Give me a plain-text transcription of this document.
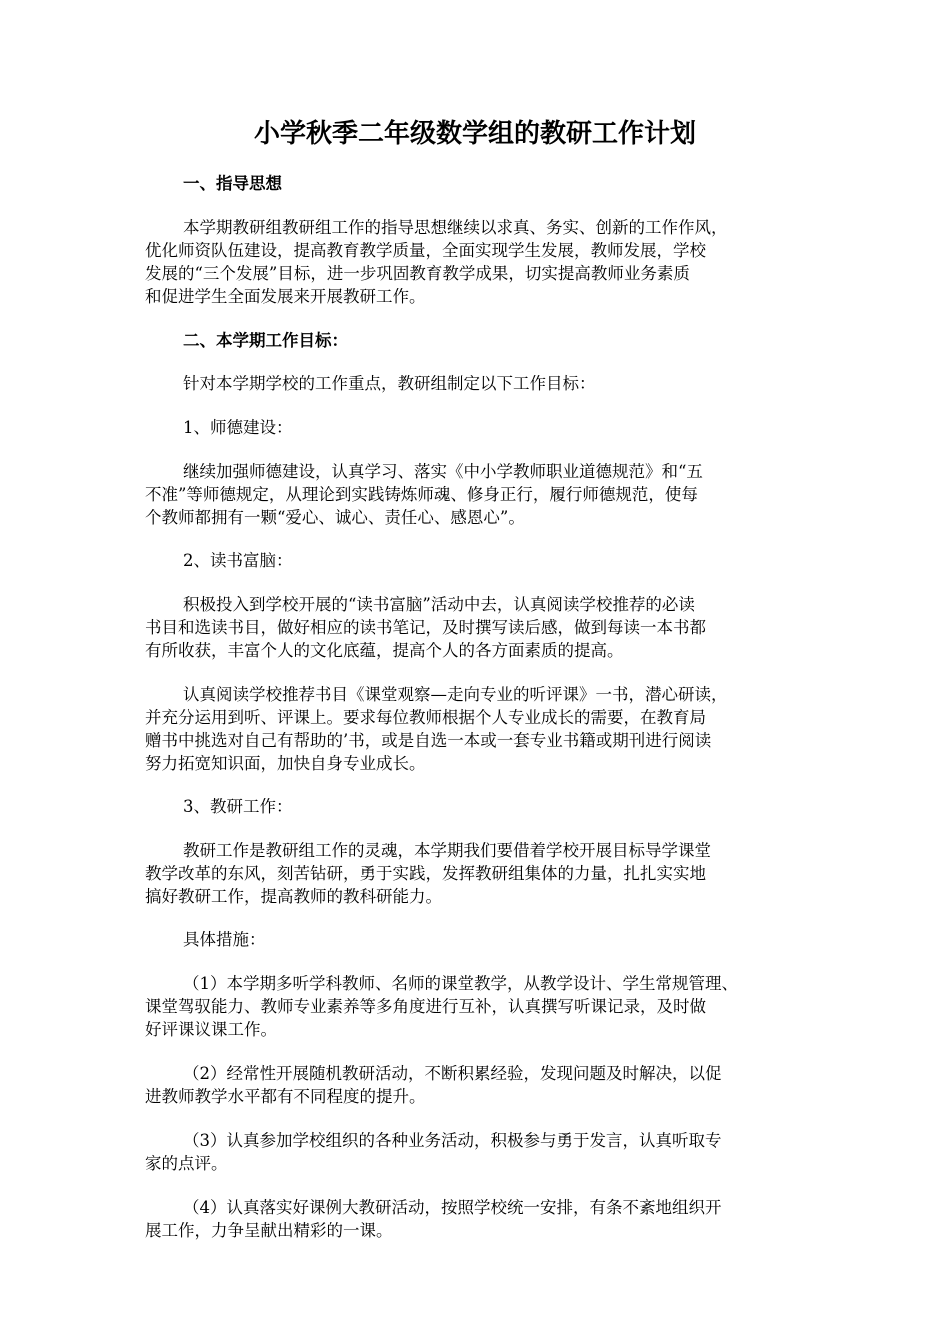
小学秋季二年级数学组的教研工作计划
一、指导思想
本学期教研组教研组工作的指导思想继续以求真、务实、创新的工作作风，
优化师资队伍建设，提高教育教学质量，全面实现学生发展，教师发展，学校
发展的“三个发展”目标，进一步巩固教育教学成果，切实提高教师业务素质
和促进学生全面发展来开展教研工作。
二、本学期工作目标：
针对本学期学校的工作重点，教研组制定以下工作目标：
1、师德建设：
继续加强师德建设，认真学习、落实《中小学教师职业道德规范》和“五
不准”等师德规定，从理论到实践铸炼师魂、修身正行，履行师德规范，使每
个教师都拥有一颗“爱心、诚心、责任心、感恩心”。
2、读书富脑：
积极投入到学校开展的“读书富脑”活动中去，认真阅读学校推荐的必读
书目和选读书目，做好相应的读书笔记，及时撰写读后感，做到每读一本书都
有所收获，丰富个人的文化底蕴，提高个人的各方面素质的提高。
认真阅读学校推荐书目《课堂观察—走向专业的听评课》一书，潜心研读，
并充分运用到听、评课上。要求每位教师根据个人专业成长的需要，在教育局
赠书中挑选对自己有帮助的’书，或是自选一本或一套专业书籍或期刊进行阅读
努力拓宽知识面，加快自身专业成长。
3、教研工作：
教研工作是教研组工作的灵魂，本学期我们要借着学校开展目标导学课堂
教学改革的东风，刻苦钻研，勇于实践，发挥教研组集体的力量，扎扎实实地
搞好教研工作，提高教师的教科研能力。
具体措施：
（1）本学期多听学科教师、名师的课堂教学，从教学设计、学生常规管理、
课堂驾驭能力、教师专业素养等多角度进行互补，认真撰写听课记录，及时做
好评课议课工作。
（2）经常性开展随机教研活动，不断积累经验，发现问题及时解决，以促
进教师教学水平都有不同程度的提升。
（3）认真参加学校组织的各种业务活动，积极参与勇于发言，认真听取专
家的点评。
（4）认真落实好课例大教研活动，按照学校统一安排，有条不紊地组织开
展工作，力争呈献出精彩的一课。
